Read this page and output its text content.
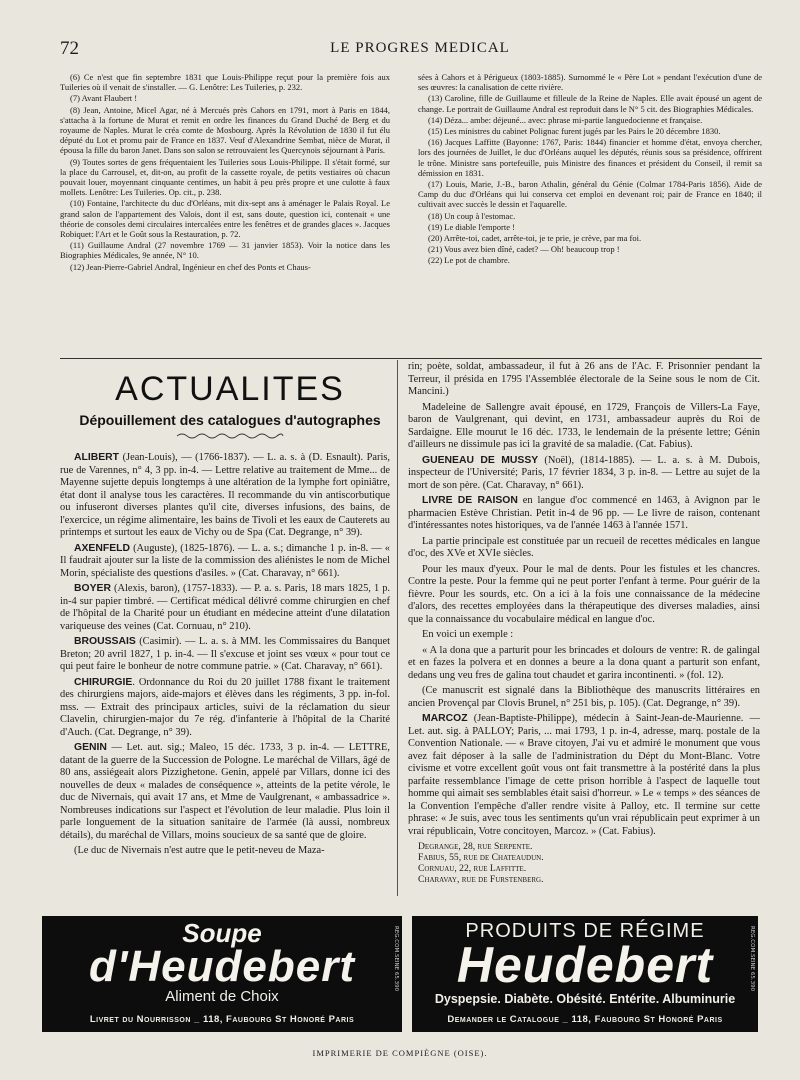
72	LE PROGRES MEDICAL

(6) Ce n'est que fin septembre 1831 que Louis-Philippe reçut pour la première fois aux Tuileries où il venait de s'installer. — G. Lenôtre: Les Tuileries, p. 232.

(7) Avant Flaubert !

(8) Jean, Antoine, Micel Agar, né à Mercués près Cahors en 1791, mort à Paris en 1844, s'attacha à la fortune de Murat et remit en ordre les finances du Grand Duché de Berg et du royaume de Naples. Murat le créa comte de Mosbourg. Après la Révolution de 1830 il fut élu député du Lot et promu pair de France en 1837. Veuf d'Alexandrine Sembat, nièce de Murat, il épousa la fille du baron Janet. Dans son salon se retrouvaient les Quercynois séjournant à Paris.

(9) Toutes sortes de gens fréquentaient les Tuileries sous Louis-Philippe. Il s'était formé, sur la place du Carrousel, et, dit-on, au profit de la cassette royale, de petits vestiaires où chacun pouvait louer, moyennant cinquante centimes, un habit à peu près propre et une culotte à faux mollets. Lenôtre: Les Tuileries. Op. cit., p. 238.

(10) Fontaine, l'architecte du duc d'Orléans, mit dix-sept ans à aménager le Palais Royal. Le grand salon de l'appartement des Valois, dont il est, sans doute, question ici, contenait « une théorie de consoles demi circulaires intercalées entre les fenêtres et de grandes glaces ». Jacques Robiquet: l'Art et le Goût sous la Restauration, p. 72.

(11) Guillaume Andral (27 novembre 1769 — 31 janvier 1853). Voir la notice dans les Biographies Médicales, 9e année, N° 10.

(12) Jean-Pierre-Gabriel Andral, Ingénieur en chef des Ponts et Chaus-

sées à Cahors et à Périgueux (1803-1885). Surnommé le « Père Lot » pendant l'exécution d'une de ses œuvres: la canalisation de cette rivière.

(13) Caroline, fille de Guillaume et filleule de la Reine de Naples. Elle avait épousé un agent de change. Le portrait de Guillaume Andral est reproduit dans le N° 5 cit. des Biographies Médicales.

(14) Déza... ambe: déjeuné... avec: phrase mi-partie languedocienne et française.

(15) Les ministres du cabinet Polignac furent jugés par les Pairs le 20 décembre 1830.

(16) Jacques Laffitte (Bayonne: 1767, Paris: 1844) financier et homme d'état, envoya chercher, lors des journées de Juillet, le duc d'Orléans auquel les députés, réunis sous sa présidence, offrirent le trône. Ministre sans portefeuille, puis Ministre des finances et président du Conseil, il remit sa démission en 1831.

(17) Louis, Marie, J.-B., baron Athalin, général du Génie (Colmar 1784-Paris 1856). Aide de Camp du duc d'Orléans qui lui conserva cet emploi en devenant roi; pair de France en 1840; il cultivait avec succès le dessin et l'aquarelle.

(18) Un coup à l'estomac.

(19) Le diable l'emporte !

(20) Arrête-toi, cadet, arrête-toi, je te prie, je crève, par ma foi.

(21) Vous avez bien dîné, cadet? — Oh! beaucoup trop !

(22) Le pot de chambre.

ACTUALITES
Dépouillement des catalogues d'autographes

ALIBERT (Jean-Louis), — (1766-1837). — L. a. s. à (D. Esnault). Paris, rue de Varennes, n° 4, 3 pp. in-4. — Lettre relative au traitement de Mme... de Mayenne sujette depuis longtemps à une altération de la lymphe fort opiniâtre, état dont il analyse tous les caractères. Il recommande du vin antiscorbutique ou infuseront diverses plantes qu'il cite, diverses infusions, des bains, de l'exercice, un régime alimentaire, les bains de Tivoli et les eaux de Cauterets au printemps et surtout les eaux de Vichy ou de Spa (Cat. Degrange, n° 39).

AXENFELD (Auguste), (1825-1876). — L. a. s.; dimanche 1 p. in-8. — « Il faudrait ajouter sur la liste de la commission des aliénistes le nom de Michel Morin, spécialiste des questions d'asiles. » (Cat. Charavay, n° 661).

BOYER (Alexis, baron), (1757-1833). — P. a. s. Paris, 18 mars 1825, 1 p. in-4 sur papier timbré. — Certificat médical délivré comme chirurgien en chef de l'hôpital de la Charité pour un étudiant en médecine atteint d'une dilatation variqueuse des veines (Cat. Cornuau, n° 210).

BROUSSAIS (Casimir). — L. a. s. à MM. les Commissaires du Banquet Breton; 20 avril 1827, 1 p. in-4. — Il s'excuse et joint ses vœux « pour tout ce qui peut faire le bonheur de notre commune patrie. » (Cat. Charavay, n° 661).

CHIRURGIE. Ordonnance du Roi du 20 juillet 1788 fixant le traitement des chirurgiens majors, aide-majors et élèves dans les régiments, 3 pp. in-fol. mss. — Extrait des principaux articles, suivi de la réclamation du sieur Clavelin, chirurgien-major du 7e rég. d'infanterie à l'hôpital de la Charité d'Auch. (Cat. Degrange, n° 39).

GENIN — Let. aut. sig.; Maleo, 15 déc. 1733, 3 p. in-4. — LETTRE, datant de la guerre de la Succession de Pologne. Le maréchal de Villars, âgé de 80 ans, assiégeait alors Pizzighetone. Genin, appelé par Villars, donne ici des nouvelles de deux « malades de conséquence », atteints de la petite vérole, le duc de Nivernais, qui avait 17 ans, et Mme de Vaulgrenant, « ambassadrice ». Nombreuses indications sur l'aspect et l'évolution de leur maladie. Plus loin il parle longuement de la situation sanitaire de l'armée (là aussi, nombreux détails), du maréchal de Villars, moins soucieux de sa santé que de gloire.

(Le duc de Nivernais n'est autre que le petit-neveu de Maza-

rin; poète, soldat, ambassadeur, il fut à 26 ans de l'Ac. F. Prisonnier pendant la Terreur, il présida en 1795 l'Assemblée électorale de la Seine sous le nom de Cit. Mancini.)

Madeleine de Sallengre avait épousé, en 1729, François de Villers-La Faye, baron de Vaulgrenant, qui devint, en 1731, ambassadeur auprès du Roi de Sardaigne. Elle mourut le 16 déc. 1733, le lendemain de la présente lettre; Génin d'ailleurs ne dissimule pas ici la gravité de sa maladie. (Cat. Fabius).

GUENEAU DE MUSSY (Noël), (1814-1885). — L. a. s. à M. Dubois, inspecteur de l'Université; Paris, 17 février 1834, 3 p. in-8. — Lettre au sujet de la mort de son père. (Cat. Charavay, n° 661).

LIVRE DE RAISON en langue d'oc commencé en 1463, à Avignon par le pharmacien Estève Christian. Petit in-4 de 96 pp. — Le livre de raison, contenant d'intéressantes notes historiques, va de l'année 1463 à l'année 1571.

La partie principale est constituée par un recueil de recettes médicales en langue d'oc, des XVe et XVIe siècles.

Pour les maux d'yeux. Pour le mal de dents. Pour les fistules et les chancres. Contre la peste. Pour la femme qui ne peut porter l'enfant à terme. Pour guérir de la fièvre. Pour les sourds, etc. On a ici à la fois une connaissance de la médecine d'alors, des recettes employées dans la thérapeutique des diverses maladies, ainsi que la connaissance du vocabulaire médical en langue d'oc.

En voici un exemple :

« A la dona que a parturit pour les brincades et dolours de ventre: R. de galingal et en fazes la polvera et en donnes a beure a la dona quant a parturit son enfant, dedans ung veu fres de galina tout chaudet et garira incontinenti. » (fol. 12).

(Ce manuscrit est signalé dans la Bibliothèque des manuscrits littéraires en ancien Provençal par Clovis Brunel, n° 251 bis, p. 105). (Cat. Degrange, n° 39).

MARCOZ (Jean-Baptiste-Philippe), médecin à Saint-Jean-de-Maurienne. — Let. aut. sig. à PALLOY; Paris, ... mai 1793, 1 p. in-4, adresse, marq. postale de la Convention Nationale. — « Brave citoyen, J'ai vu et admiré le monument que vous avez fait déposer à la salle de l'administration du Dépt du Mont-Blanc. Votre civisme et votre excellent goût vous ont fait transmettre à la postérité dans la plus parfaite ressemblance l'image de cette prison horrible à l'aspect de laquelle tout homme qui aimait ses semblables était saisi d'horreur. » Le « temps » des séances de la Convention l'empêche d'aller rendre visite à Palloy, etc. Il termine sur cette phrase: « Je suis, avec tous les sentiments qu'un vrai républicain peut exprimer à un vrai républicain, Votre concitoyen, Marcoz. » (Cat. Fabius).

Degrange, 28, rue Serpente.
Fabius, 55, rue de Chateaudun.
Cornuau, 22, rue Laffitte.
Charavay, rue de Furstenberg.
Soupe
d'Heudebert
Aliment de Choix
Livret du Nourrisson _ 118, Faubourg St Honoré Paris
REG.COM.SEINE 65.390	PRODUITS DE RÉGIME
Heudebert
Dyspepsie. Diabète. Obésité. Entérite. Albuminurie
Demander le Catalogue _ 118, Faubourg St Honoré Paris
REG.COM.SEINE 65.390
IMPRIMERIE DE COMPIÈGNE (OISE).
